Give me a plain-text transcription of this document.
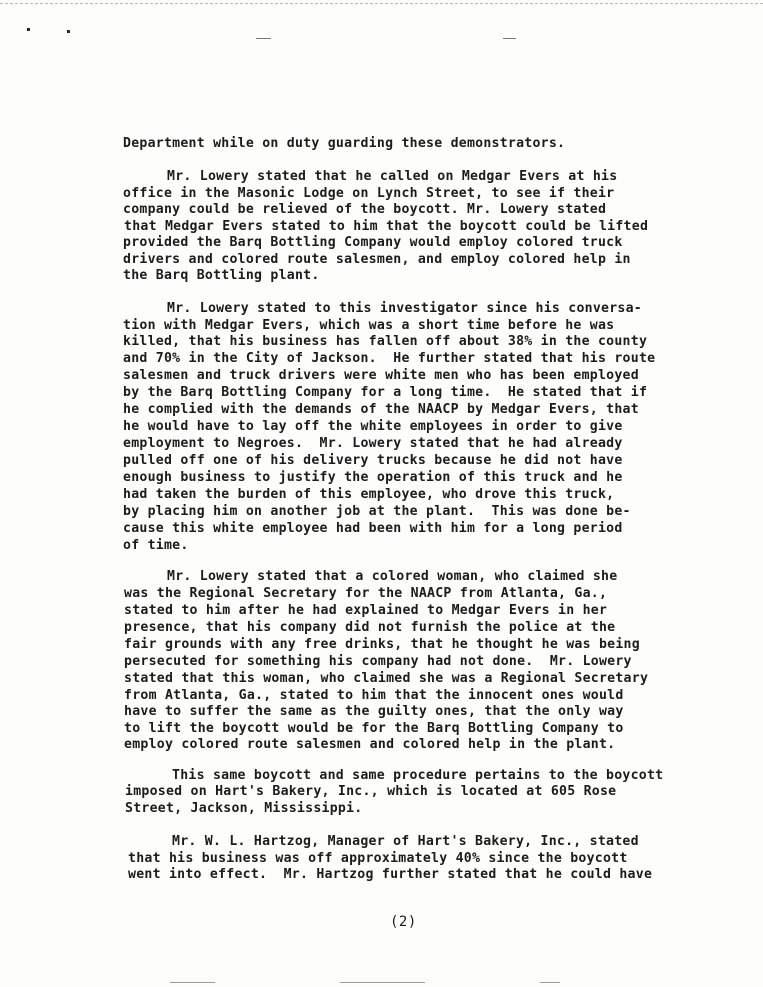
Department while on duty guarding these demonstrators.
Mr. Lowery stated that he called on Medgar Evers at his
office in the Masonic Lodge on Lynch Street, to see if their
company could be relieved of the boycott. Mr. Lowery stated
that Medgar Evers stated to him that the boycott could be lifted
provided the Barq Bottling Company would employ colored truck
drivers and colored route salesmen, and employ colored help in
the Barq Bottling plant.
Mr. Lowery stated to this investigator since his conversa-
tion with Medgar Evers, which was a short time before he was
killed, that his business has fallen off about 38% in the county
and 70% in the City of Jackson.  He further stated that his route
salesmen and truck drivers were white men who has been employed
by the Barq Bottling Company for a long time.  He stated that if
he complied with the demands of the NAACP by Medgar Evers, that
he would have to lay off the white employees in order to give
employment to Negroes.  Mr. Lowery stated that he had already
pulled off one of his delivery trucks because he did not have
enough business to justify the operation of this truck and he
had taken the burden of this employee, who drove this truck,
by placing him on another job at the plant.  This was done be-
cause this white employee had been with him for a long period
of time.
Mr. Lowery stated that a colored woman, who claimed she
was the Regional Secretary for the NAACP from Atlanta, Ga.,
stated to him after he had explained to Medgar Evers in her
presence, that his company did not furnish the police at the
fair grounds with any free drinks, that he thought he was being
persecuted for something his company had not done.  Mr. Lowery
stated that this woman, who claimed she was a Regional Secretary
from Atlanta, Ga., stated to him that the innocent ones would
have to suffer the same as the guilty ones, that the only way
to lift the boycott would be for the Barq Bottling Company to
employ colored route salesmen and colored help in the plant.
This same boycott and same procedure pertains to the boycott
imposed on Hart's Bakery, Inc., which is located at 605 Rose
Street, Jackson, Mississippi.
Mr. W. L. Hartzog, Manager of Hart's Bakery, Inc., stated
that his business was off approximately 40% since the boycott
went into effect.  Mr. Hartzog further stated that he could have
(2)
